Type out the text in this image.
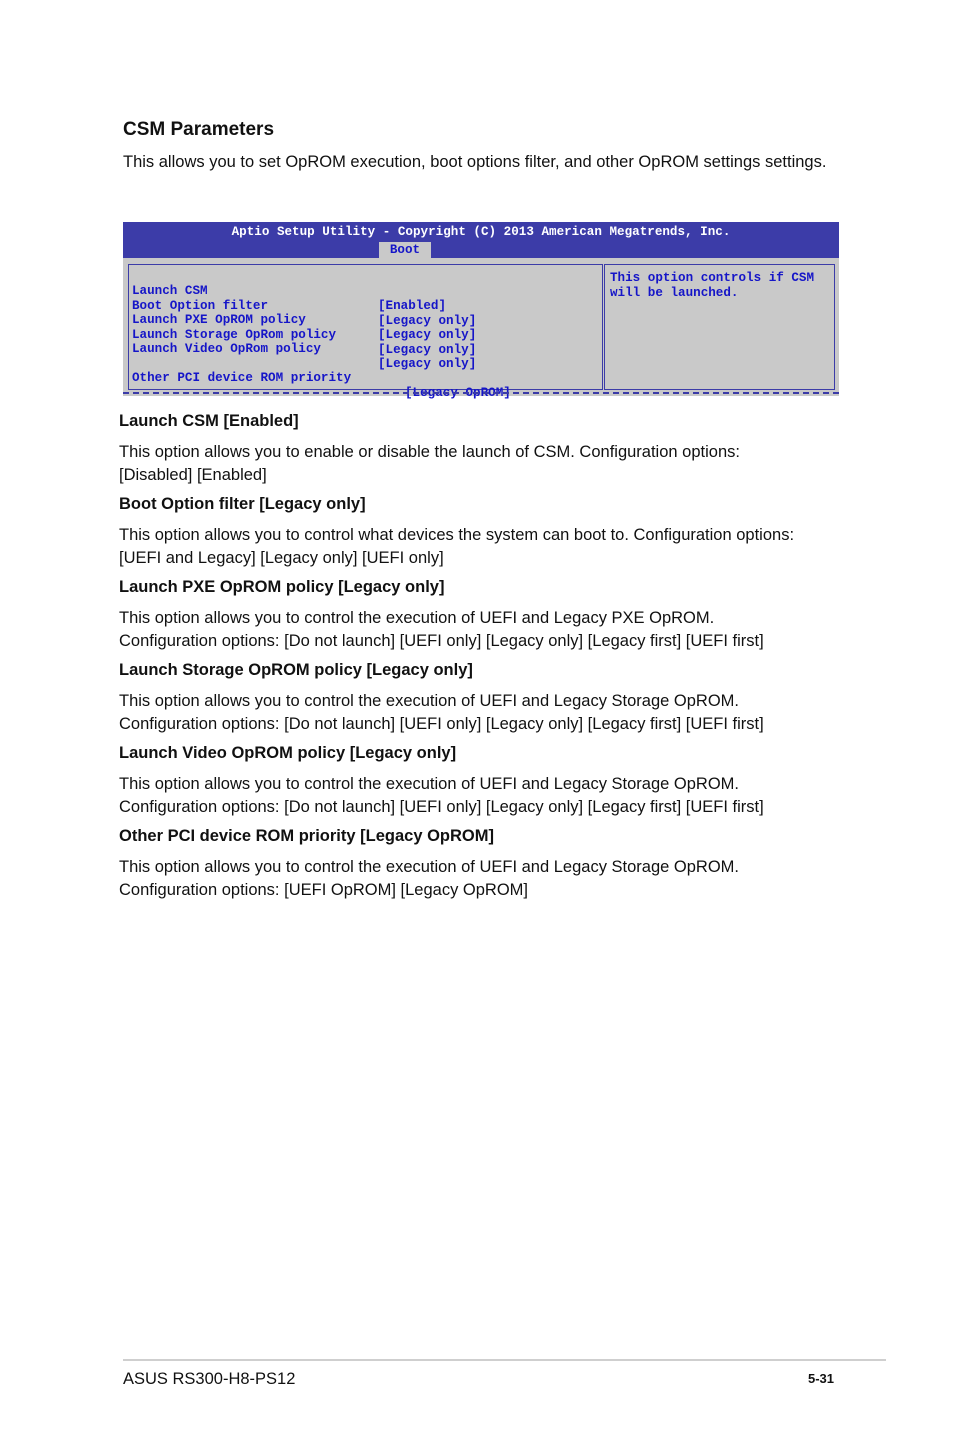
CSM Parameters

This allows you to set OpROM execution, boot options filter, and other OpROM settings settings.

Aptio Setup Utility - Copyright (C) 2013 American Megatrends, Inc.
Boot

Launch CSM

[Enabled]

Boot Option filter

[Legacy only]

Launch PXE OpROM policy

[Legacy only]

Launch Storage OpRom policy

[Legacy only]

Launch Video OpRom policy

[Legacy only]

Other PCI device ROM priority

[Legacy OpROM]

This option controls if CSM will be launched.
Launch CSM [Enabled]
This option allows you to enable or disable the launch of CSM. Configuration options:
[Disabled] [Enabled]
Boot Option filter [Legacy only]
This option allows you to control what devices the system can boot to. Configuration options:
[UEFI and Legacy] [Legacy only] [UEFI only]
Launch PXE OpROM policy [Legacy only]
This option allows you to control the execution of UEFI and Legacy PXE OpROM.
Configuration options: [Do not launch] [UEFI only] [Legacy only] [Legacy first] [UEFI first]
Launch Storage OpROM policy [Legacy only]
This option allows you to control the execution of UEFI and Legacy Storage OpROM.
Configuration options: [Do not launch] [UEFI only] [Legacy only] [Legacy first] [UEFI first]
Launch Video OpROM policy [Legacy only]
This option allows you to control the execution of UEFI and Legacy Storage OpROM.
Configuration options: [Do not launch] [UEFI only] [Legacy only] [Legacy first] [UEFI first]
Other PCI device ROM priority [Legacy OpROM]
This option allows you to control the execution of UEFI and Legacy Storage OpROM.
Configuration options: [UEFI OpROM] [Legacy OpROM]
ASUS RS300-H8-PS12	5-31
